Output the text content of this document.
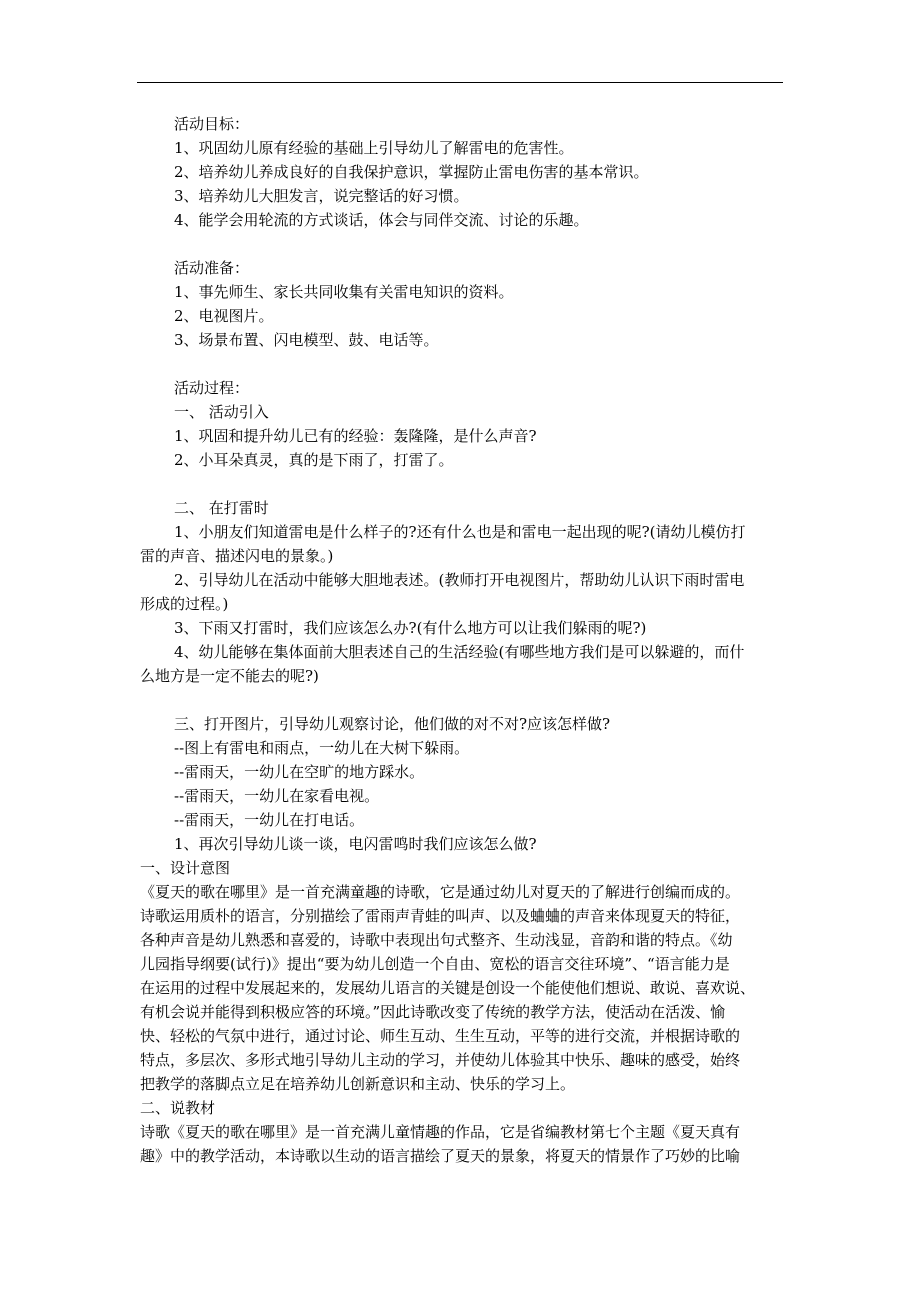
活动目标：
1、巩固幼儿原有经验的基础上引导幼儿了解雷电的危害性。
2、培养幼儿养成良好的自我保护意识，掌握防止雷电伤害的基本常识。
3、培养幼儿大胆发言，说完整话的好习惯。
4、能学会用轮流的方式谈话，体会与同伴交流、讨论的乐趣。
活动准备：
1、事先师生、家长共同收集有关雷电知识的资料。
2、电视图片。
3、场景布置、闪电模型、鼓、电话等。
活动过程：
一、 活动引入
1、巩固和提升幼儿已有的经验：轰隆隆，是什么声音?
2、小耳朵真灵，真的是下雨了，打雷了。
二、 在打雷时
1、小朋友们知道雷电是什么样子的?还有什么也是和雷电一起出现的呢?(请幼儿模仿打
雷的声音、描述闪电的景象。)
2、引导幼儿在活动中能够大胆地表述。(教师打开电视图片，帮助幼儿认识下雨时雷电
形成的过程。)
3、下雨又打雷时，我们应该怎么办?(有什么地方可以让我们躲雨的呢?)
4、幼儿能够在集体面前大胆表述自己的生活经验(有哪些地方我们是可以躲避的，而什
么地方是一定不能去的呢?)
三、打开图片，引导幼儿观察讨论，他们做的对不对?应该怎样做?
--图上有雷电和雨点，一幼儿在大树下躲雨。
--雷雨天，一幼儿在空旷的地方踩水。
--雷雨天，一幼儿在家看电视。
--雷雨天，一幼儿在打电话。
1、再次引导幼儿谈一谈，电闪雷鸣时我们应该怎么做?
一、设计意图
《夏天的歌在哪里》是一首充满童趣的诗歌，它是通过幼儿对夏天的了解进行创编而成的。
诗歌运用质朴的语言，分别描绘了雷雨声青蛙的叫声、以及蛐蛐的声音来体现夏天的特征，
各种声音是幼儿熟悉和喜爱的，诗歌中表现出句式整齐、生动浅显，音韵和谐的特点。《幼
儿园指导纲要(试行)》提出“要为幼儿创造一个自由、宽松的语言交往环境”、“语言能力是
在运用的过程中发展起来的，发展幼儿语言的关键是创设一个能使他们想说、敢说、喜欢说、
有机会说并能得到积极应答的环境。”因此诗歌改变了传统的教学方法，使活动在活泼、愉
快、轻松的气氛中进行，通过讨论、师生互动、生生互动，平等的进行交流，并根据诗歌的
特点，多层次、多形式地引导幼儿主动的学习，并使幼儿体验其中快乐、趣味的感受，始终
把教学的落脚点立足在培养幼儿创新意识和主动、快乐的学习上。
二、说教材
诗歌《夏天的歌在哪里》是一首充满儿童情趣的作品，它是省编教材第七个主题《夏天真有
趣》中的教学活动，本诗歌以生动的语言描绘了夏天的景象，将夏天的情景作了巧妙的比喻
